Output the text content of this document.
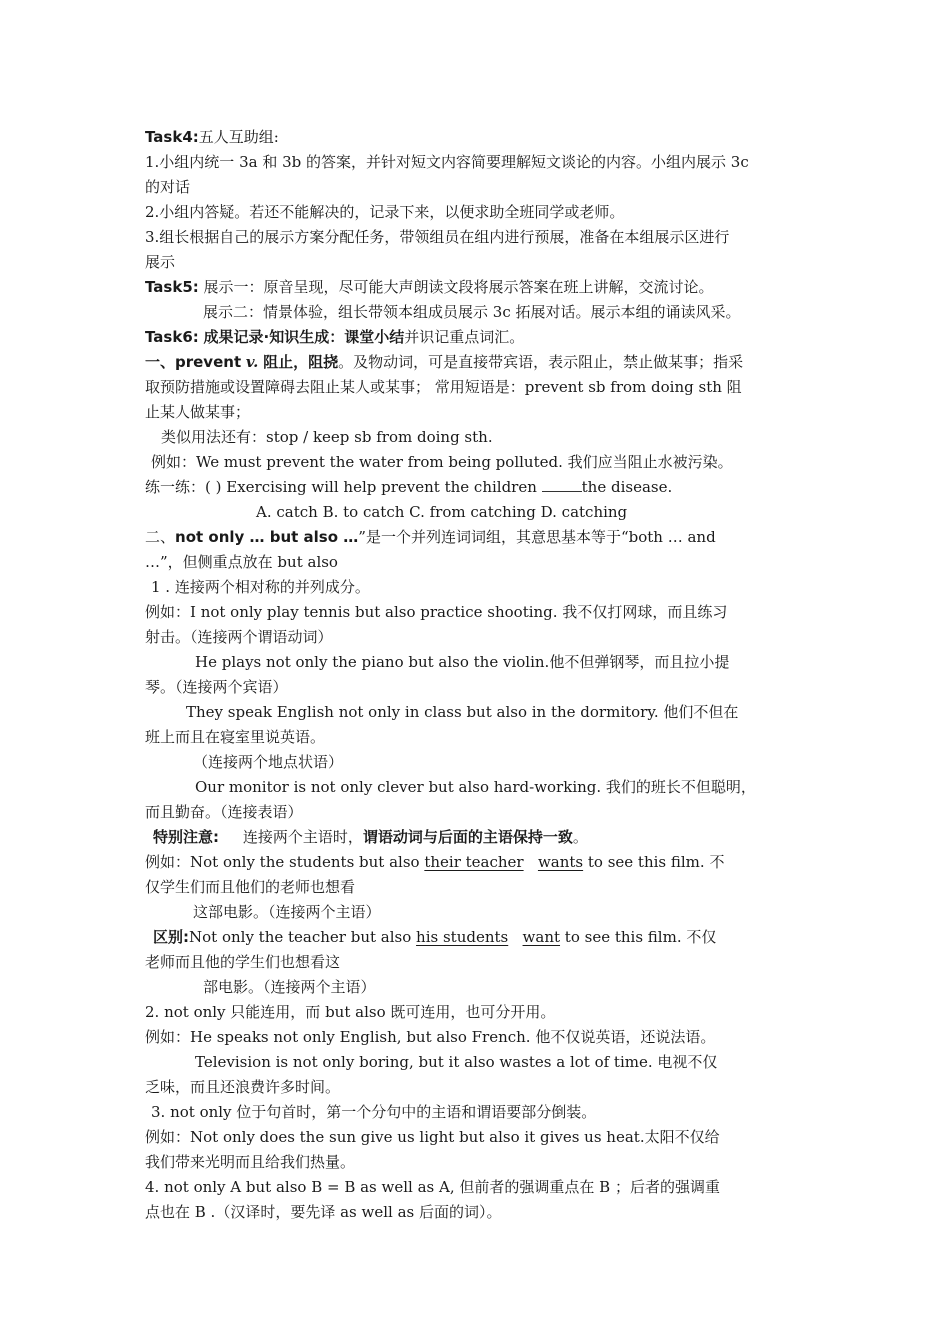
Task4:五人互助组:
1.小组内统一 3a 和 3b 的答案，并针对短文内容简要理解短文谈论的内容。小组内展示 3c
的对话
2.小组内答疑。若还不能解决的，记录下来，以便求助全班同学或老师。
3.组长根据自己的展示方案分配任务，带领组员在组内进行预展，准备在本组展示区进行
展示
Task5: 展示一：原音呈现，尽可能大声朗读文段将展示答案在班上讲解，交流讨论。
展示二：情景体验，组长带领本组成员展示 3c 拓展对话。展示本组的诵读风采。
Task6: 成果记录·知识生成：课堂小结并识记重点词汇。
一、prevent v. 阻止，阻挠。及物动词，可是直接带宾语，表示阻止，禁止做某事；指采
取预防措施或设置障碍去阻止某人或某事； 常用短语是：prevent sb from doing sth 阻
止某人做某事；
类似用法还有：stop / keep sb from doing sth.
例如：We must prevent the water from being polluted. 我们应当阻止水被污染。
练一练：( ) Exercising will help prevent the children	the disease.
A. catch B. to catch C. from catching D. catching
二、not only … but also …”是一个并列连词词组，其意思基本等于“both … and
…”，但侧重点放在 but also
1 . 连接两个相对称的并列成分。
例如：I not only play tennis but also practice shooting. 我不仅打网球，而且练习
射击。（连接两个谓语动词）
He plays not only the piano but also the violin.他不但弹钢琴，而且拉小提
琴。（连接两个宾语）
They speak English not only in class but also in the dormitory. 他们不但在
班上而且在寝室里说英语。
（连接两个地点状语）
Our monitor is not only clever but also hard-working. 我们的班长不但聪明，
而且勤奋。（连接表语）
特别注意: 连接两个主语时，谓语动词与后面的主语保持一致。
例如：Not only the students but also their teacher wants to see this film. 不
仅学生们而且他们的老师也想看
这部电影。（连接两个主语）
区别:Not only the teacher but also his students want to see this film. 不仅
老师而且他的学生们也想看这
部电影。（连接两个主语）
2. not only 只能连用，而 but also 既可连用，也可分开用。
例如：He speaks not only English, but also French. 他不仅说英语，还说法语。
Television is not only boring, but it also wastes a lot of time. 电视不仅
乏味，而且还浪费许多时间。
3. not only 位于句首时，第一个分句中的主语和谓语要部分倒装。
例如：Not only does the sun give us light but also it gives us heat.太阳不仅给
我们带来光明而且给我们热量。
4. not only A but also B = B as well as A, 但前者的强调重点在 B ；后者的强调重
点也在 B .（汉译时，要先译 as well as 后面的词）。
